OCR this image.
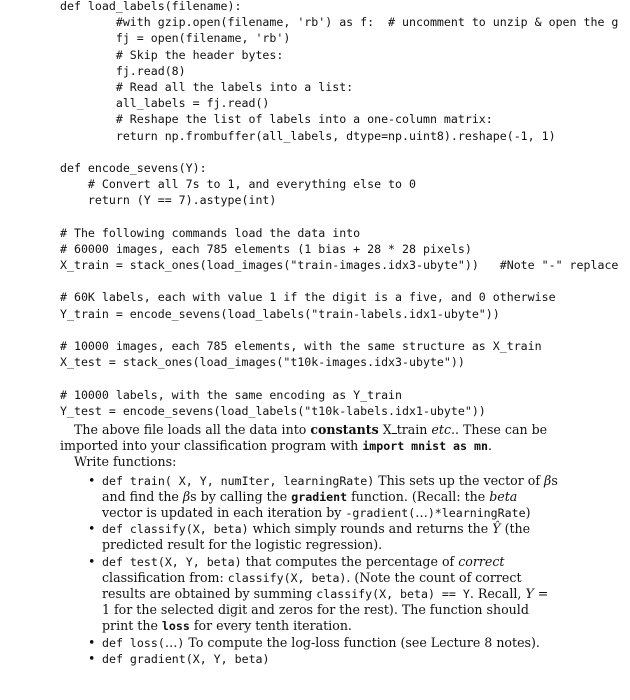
def load_labels(filename):
#with gzip.open(filename, 'rb') as f:  # uncomment to unzip & open the g
fj = open(filename, 'rb')
# Skip the header bytes:
fj.read(8)
# Read all the labels into a list:
all_labels = fj.read()
# Reshape the list of labels into a one-column matrix:
return np.frombuffer(all_labels, dtype=np.uint8).reshape(-1, 1)
def encode_sevens(Y):
# Convert all 7s to 1, and everything else to 0
return (Y == 7).astype(int)
# The following commands load the data into
# 60000 images, each 785 elements (1 bias + 28 * 28 pixels)
X_train = stack_ones(load_images("train-images.idx3-ubyte"))   #Note "-" replace
# 60K labels, each with value 1 if the digit is a five, and 0 otherwise
Y_train = encode_sevens(load_labels("train-labels.idx1-ubyte"))
# 10000 images, each 785 elements, with the same structure as X_train
X_test = stack_ones(load_images("t10k-images.idx3-ubyte"))
# 10000 labels, with the same encoding as Y_train
Y_test = encode_sevens(load_labels("t10k-labels.idx1-ubyte"))

The above file loads all the data into constants X train etc.. These can be imported into your classification program with import mnist as mn.

Write functions:

• def train( X, Y, numIter, learningRate) This sets up the vector of βs and find the βs by calling the gradient function. (Recall: the beta vector is updated in each iteration by -gradient(…)*learningRate)
• def classify(X, beta) which simply rounds and returns the Ŷ (the predicted result for the logistic regression).
• def test(X, Y, beta) that computes the percentage of correct classification from: classify(X, beta). (Note the count of correct results are obtained by summing classify(X, beta) == Y. Recall, Y = 1 for the selected digit and zeros for the rest). The function should print the loss for every tenth iteration.
• def loss(…) To compute the log-loss function (see Lecture 8 notes).
• def gradient(X, Y, beta)
